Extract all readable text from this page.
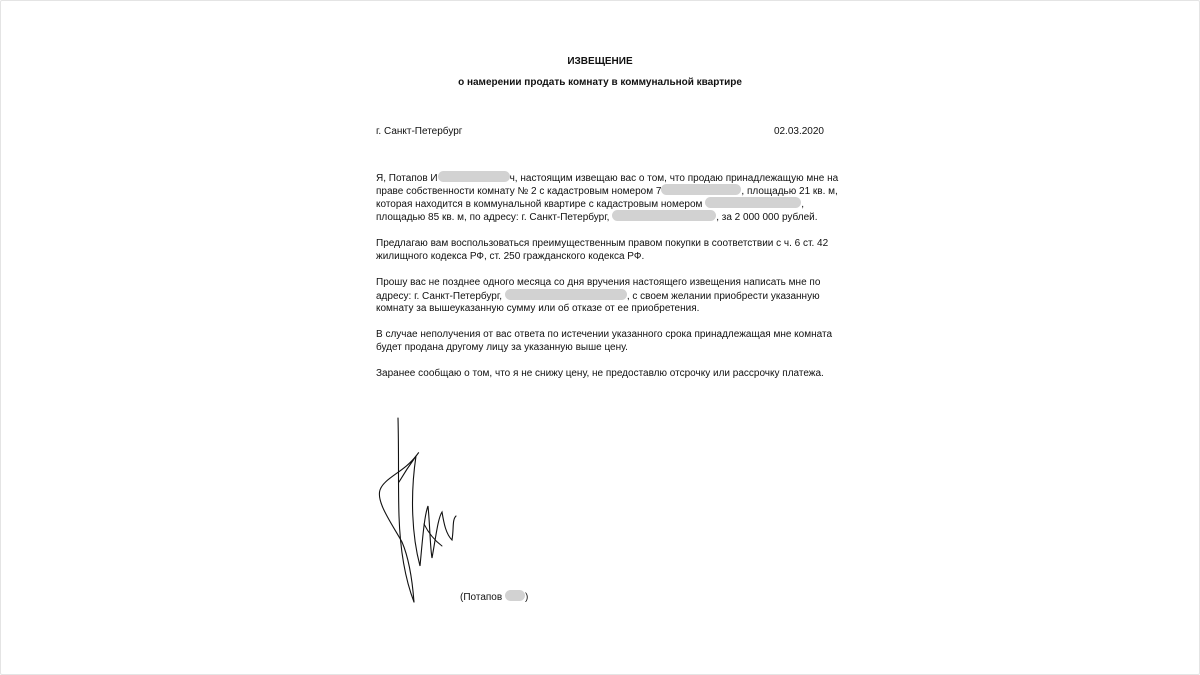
ИЗВЕЩЕНИЕ

о намерении продать комнату в коммунальной квартире

г. Санкт-Петербург	02.03.2020
Я, Потапов И	ч, настоящим извещаю вас о том, что продаю принадлежащую мне на
праве собственности комнату № 2 с кадастровым номером 7	, площадью 21 кв. м,
которая находится в коммунальной квартире с кадастровым номером	,
площадью 85 кв. м, по адресу: г. Санкт-Петербург,	, за 2 000 000 рублей.
Предлагаю вам воспользоваться преимущественным правом покупки в соответствии с ч. 6 ст. 42
жилищного кодекса РФ, ст. 250 гражданского кодекса РФ.
Прошу вас не позднее одного месяца со дня вручения настоящего извещения написать мне по
адресу: г. Санкт-Петербург,	, с своем желании приобрести указанную
комнату за вышеуказанную сумму или об отказе от ее приобретения.
В случае неполучения от вас ответа по истечении указанного срока принадлежащая мне комната
будет продана другому лицу за указанную выше цену.
Заранее сообщаю о том, что я не снижу цену, не предоставлю отсрочку или рассрочку платежа.
(Потапов )
